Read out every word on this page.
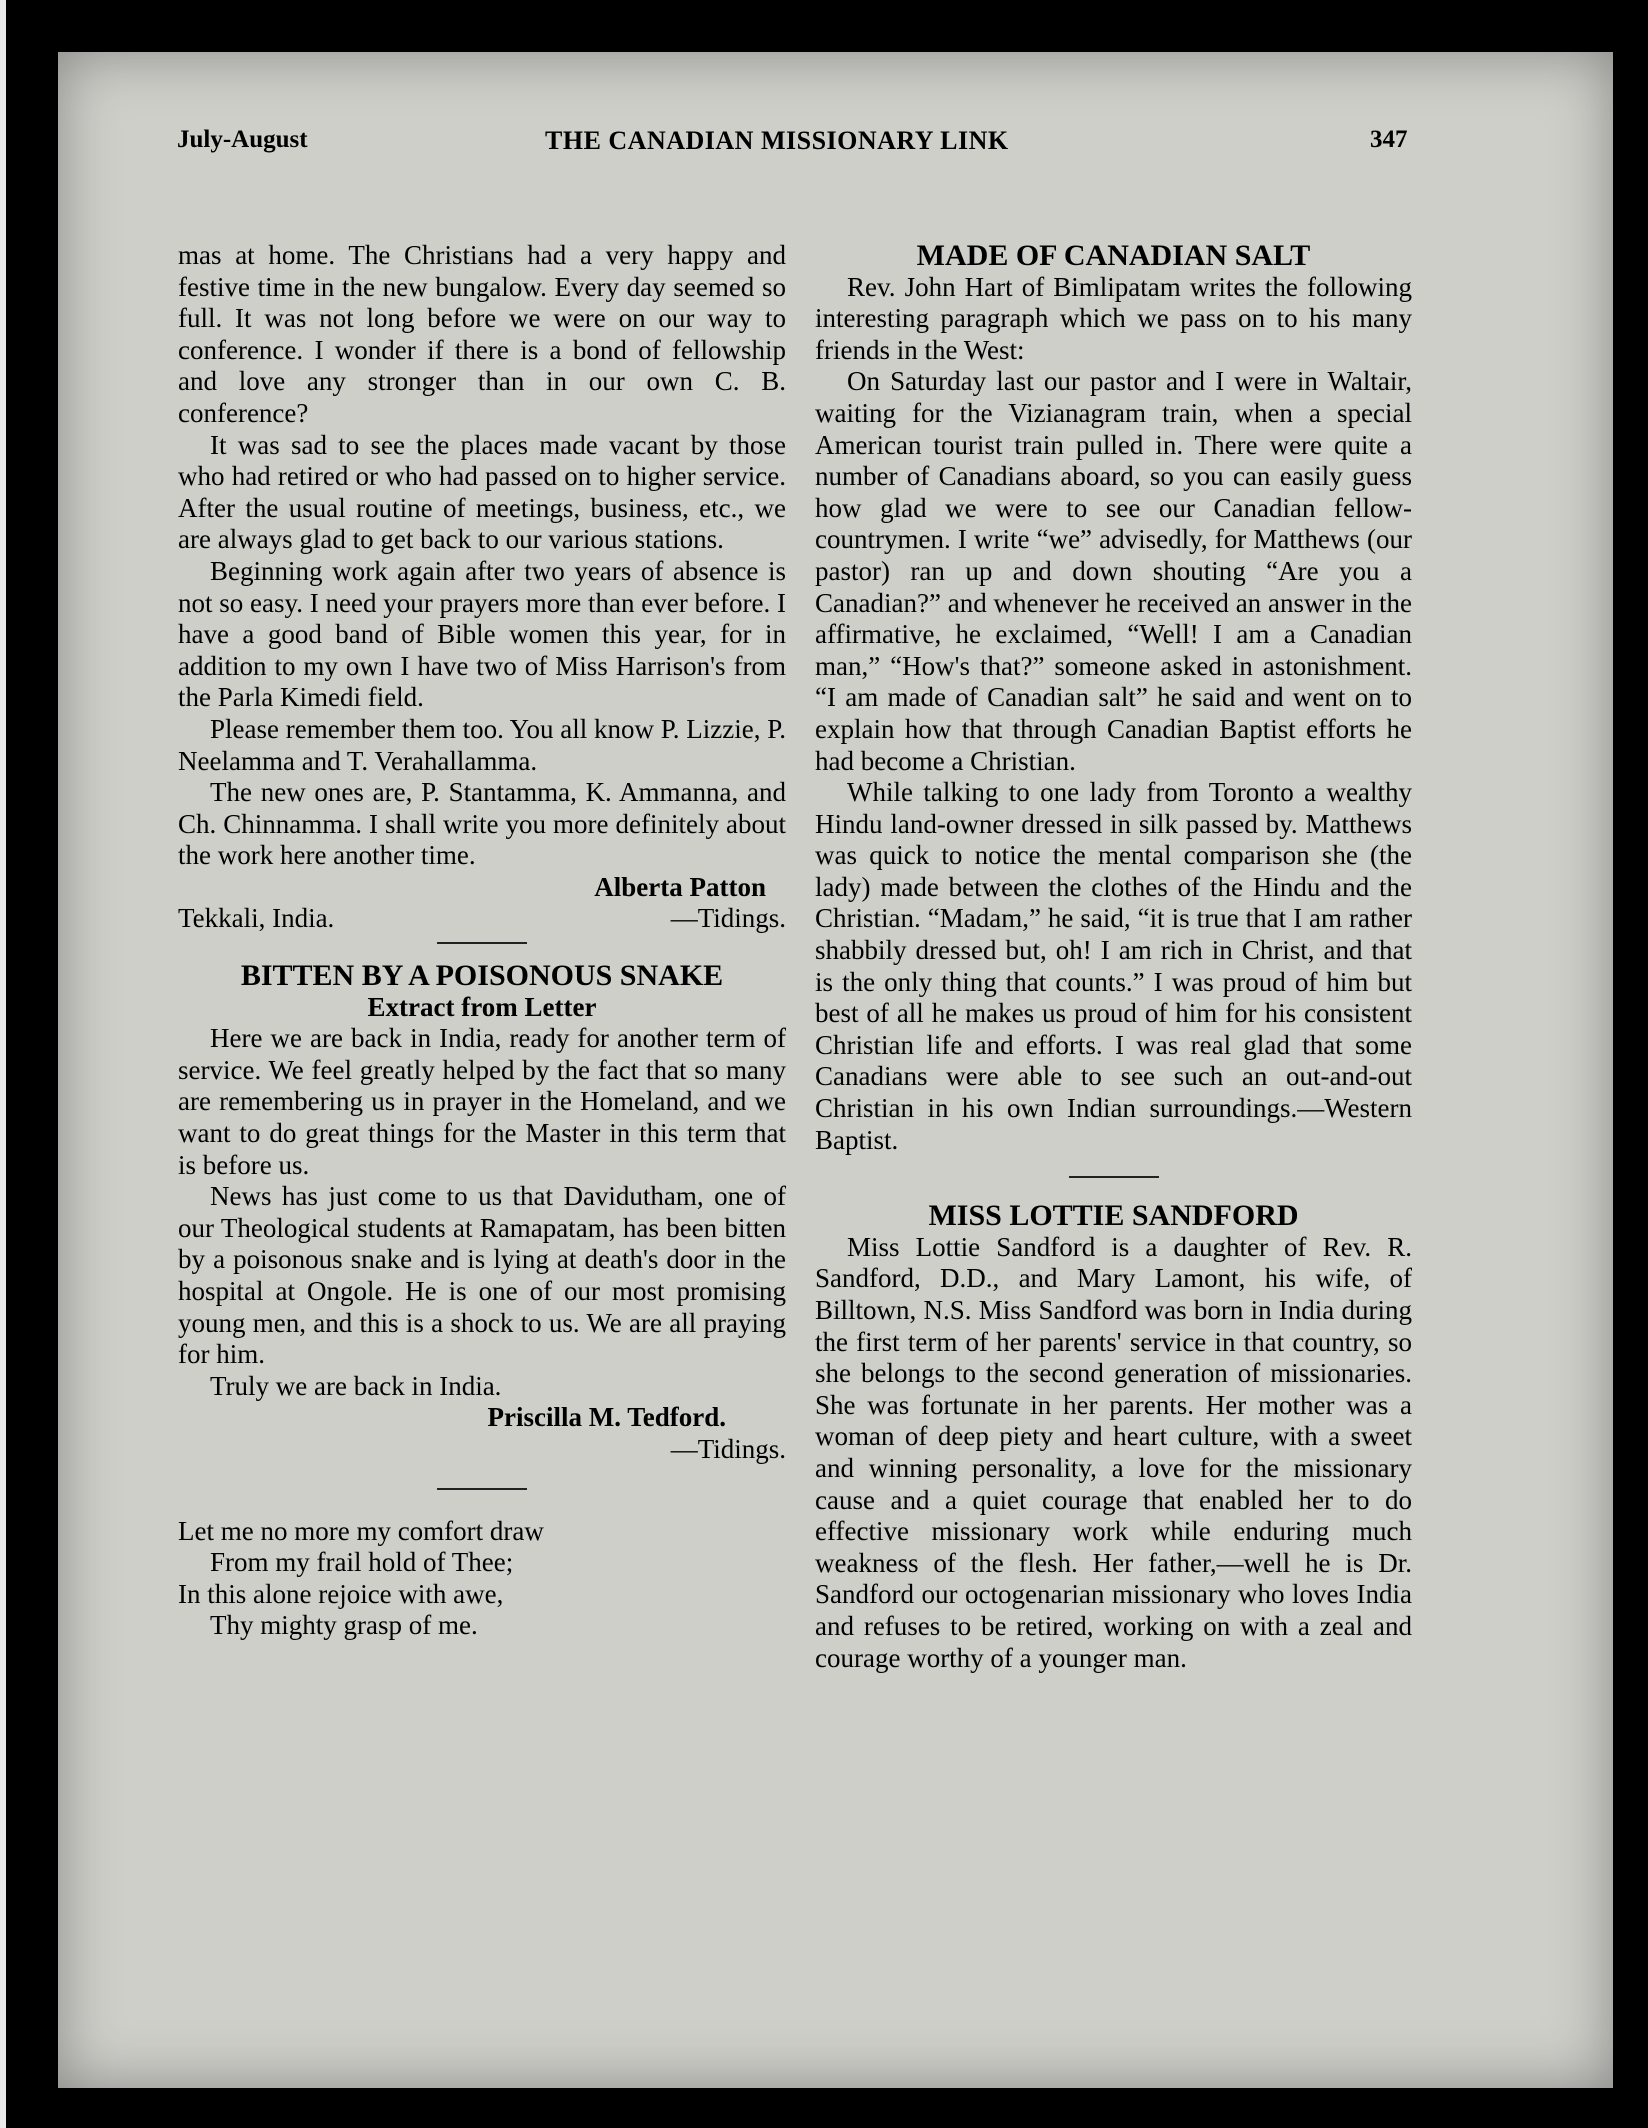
July-August	THE CANADIAN MISSIONARY LINK	347

mas at home. The Christians had a very happy and festive time in the new bungalow. Every day seemed so full. It was not long before we were on our way to conference. I wonder if there is a bond of fellowship and love any stronger than in our own C. B. conference?

It was sad to see the places made vacant by those who had retired or who had passed on to higher service. After the usual routine of meetings, business, etc., we are always glad to get back to our various stations.

Beginning work again after two years of absence is not so easy. I need your prayers more than ever before. I have a good band of Bible women this year, for in addition to my own I have two of Miss Harrison's from the Parla Kimedi field.

Please remember them too. You all know P. Lizzie, P. Neelamma and T. Verahallamma.

The new ones are, P. Stantamma, K. Ammanna, and Ch. Chinnamma. I shall write you more definitely about the work here another time.

Alberta Patton

Tekkali, India.	—Tidings.

BITTEN BY A POISONOUS SNAKE

Extract from Letter

Here we are back in India, ready for another term of service. We feel greatly helped by the fact that so many are remembering us in prayer in the Homeland, and we want to do great things for the Master in this term that is before us.

News has just come to us that Davidutham, one of our Theological students at Ramapatam, has been bitten by a poisonous snake and is lying at death's door in the hospital at Ongole. He is one of our most promising young men, and this is a shock to us. We are all praying for him.

Truly we are back in India.

Priscilla M. Tedford.

—Tidings.

Let me no more my comfort draw

From my frail hold of Thee;

In this alone rejoice with awe,

Thy mighty grasp of me.

MADE OF CANADIAN SALT

Rev. John Hart of Bimlipatam writes the following interesting paragraph which we pass on to his many friends in the West:

On Saturday last our pastor and I were in Waltair, waiting for the Vizianagram train, when a special American tourist train pulled in. There were quite a number of Canadians aboard, so you can easily guess how glad we were to see our Canadian fellow-countrymen. I write “we” advisedly, for Matthews (our pastor) ran up and down shouting “Are you a Canadian?” and whenever he received an answer in the affirmative, he exclaimed, “Well! I am a Canadian man,” “How's that?” someone asked in astonishment. “I am made of Canadian salt” he said and went on to explain how that through Canadian Baptist efforts he had become a Christian.

While talking to one lady from Toronto a wealthy Hindu land-owner dressed in silk passed by. Matthews was quick to notice the mental comparison she (the lady) made between the clothes of the Hindu and the Christian. “Madam,” he said, “it is true that I am rather shabbily dressed but, oh! I am rich in Christ, and that is the only thing that counts.” I was proud of him but best of all he makes us proud of him for his consistent Christian life and efforts. I was real glad that some Canadians were able to see such an out-and-out Christian in his own Indian surroundings.—Western Baptist.

MISS LOTTIE SANDFORD

Miss Lottie Sandford is a daughter of Rev. R. Sandford, D.D., and Mary Lamont, his wife, of Billtown, N.S. Miss Sandford was born in India during the first term of her parents' service in that country, so she belongs to the second generation of missionaries. She was fortunate in her parents. Her mother was a woman of deep piety and heart culture, with a sweet and winning personality, a love for the missionary cause and a quiet courage that enabled her to do effective missionary work while enduring much weakness of the flesh. Her father,—well he is Dr. Sandford our octogenarian missionary who loves India and refuses to be retired, working on with a zeal and courage worthy of a younger man.
